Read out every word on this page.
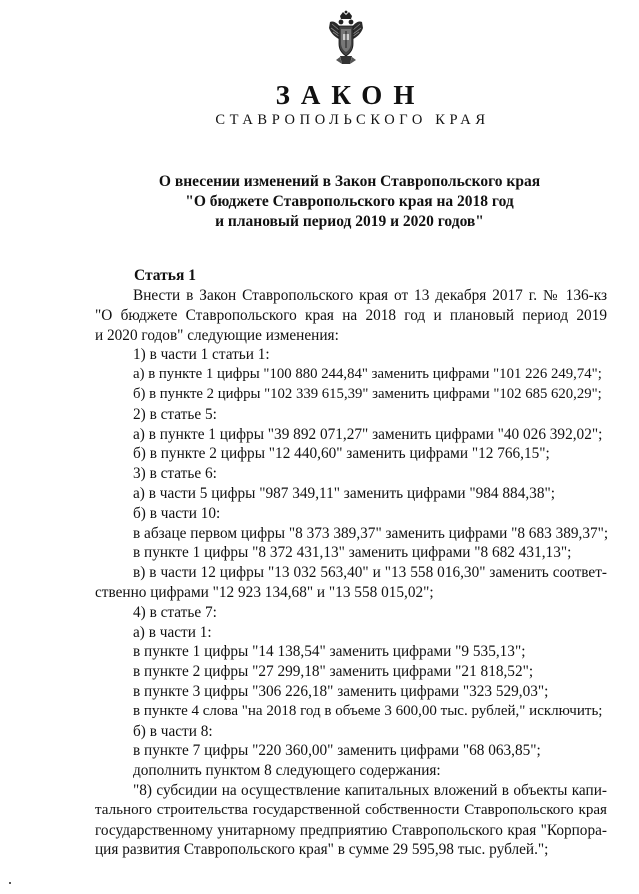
ЗАКОН
СТАВРОПОЛЬСКОГО КРАЯ
О внесении изменений в Закон Ставропольского края
"О бюджете Ставропольского края на 2018 год
и плановый период 2019 и 2020 годов"
Статья 1
Внести в Закон Ставропольского края от 13 декабря 2017 г. № 136-кз
"О бюджете Ставропольского края на 2018 год и плановый период 2019
и 2020 годов" следующие изменения:
1) в части 1 статьи 1:
а) в пункте 1 цифры "100 880 244,84" заменить цифрами "101 226 249,74";
б) в пункте 2 цифры "102 339 615,39" заменить цифрами "102 685 620,29";
2) в статье 5:
а) в пункте 1 цифры "39 892 071,27" заменить цифрами "40 026 392,02";
б) в пункте 2 цифры "12 440,60" заменить цифрами "12 766,15";
3) в статье 6:
а) в части 5 цифры "987 349,11" заменить цифрами "984 884,38";
б) в части 10:
в абзаце первом цифры "8 373 389,37" заменить цифрами "8 683 389,37";
в пункте 1 цифры "8 372 431,13" заменить цифрами "8 682 431,13";
в) в части 12 цифры "13 032 563,40" и "13 558 016,30" заменить соответ-
ственно цифрами "12 923 134,68" и "13 558 015,02";
4) в статье 7:
а) в части 1:
в пункте 1 цифры "14 138,54" заменить цифрами "9 535,13";
в пункте 2 цифры "27 299,18" заменить цифрами "21 818,52";
в пункте 3 цифры "306 226,18" заменить цифрами "323 529,03";
в пункте 4 слова "на 2018 год в объеме 3 600,00 тыс. рублей," исключить;
б) в части 8:
в пункте 7 цифры "220 360,00" заменить цифрами "68 063,85";
дополнить пунктом 8 следующего содержания:
"8) субсидии на осуществление капитальных вложений в объекты капи-
тального строительства государственной собственности Ставропольского края
государственному унитарному предприятию Ставропольского края "Корпора-
ция развития Ставропольского края" в сумме 29 595,98 тыс. рублей.";
